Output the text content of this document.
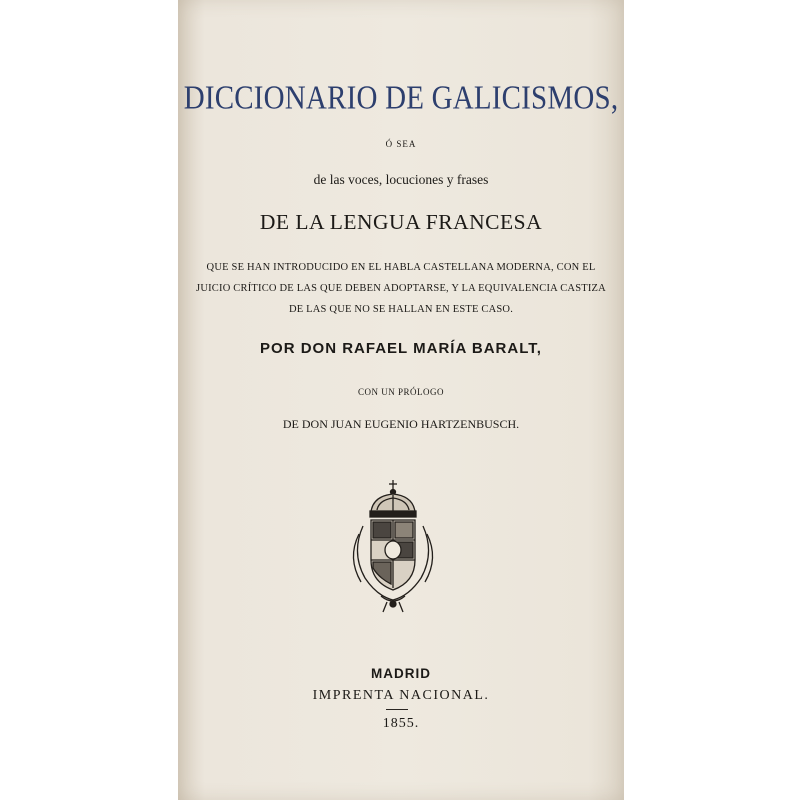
DICCIONARIO DE GALICISMOS,
Ó SEA
de las voces, locuciones y frases
DE LA LENGUA FRANCESA
QUE SE HAN INTRODUCIDO EN EL HABLA CASTELLANA MODERNA, CON EL
JUICIO CRÍTICO DE LAS QUE DEBEN ADOPTARSE, Y LA EQUIVALENCIA CASTIZA
DE LAS QUE NO SE HALLAN EN ESTE CASO.
POR DON RAFAEL MARÍA BARALT,
CON UN PRÓLOGO
DE DON JUAN EUGENIO HARTZENBUSCH.
MADRID
IMPRENTA NACIONAL.
1855.
